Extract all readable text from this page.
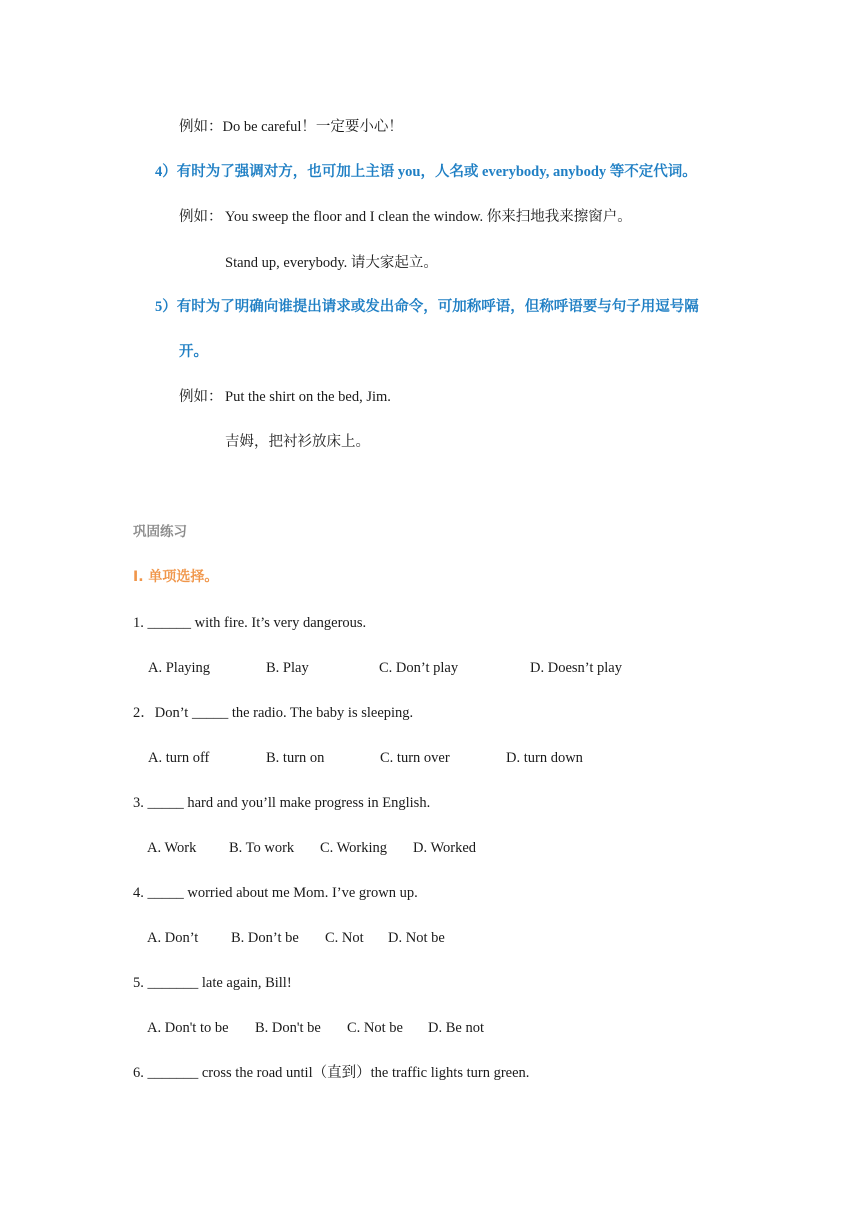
例如：Do be careful！一定要小心！
4）有时为了强调对方，也可加上主语 you，人名或 everybody, anybody 等不定代词。
例如： You sweep the floor and I clean the window. 你来扫地我来擦窗户。
Stand up, everybody. 请大家起立。
5）有时为了明确向谁提出请求或发出命令，可加称呼语，但称呼语要与句子用逗号隔
开。
例如： Put the shirt on the bed, Jim.
吉姆，把衬衫放床上。
巩固练习
Ⅰ. 单项选择。
1. ______ with fire. It’s very dangerous.
A. Playing	B. Play	C. Don’t play	D. Doesn’t play
2．Don’t _____ the radio. The baby is sleeping.
A. turn off	B. turn on	C. turn over	D. turn down
3. _____ hard and you’ll make progress in English.
A. Work B. To work C. Working D. Worked
4. _____ worried about me Mom. I’ve grown up.
A. Don’t B. Don’t be C. Not D. Not be
5. _______ late again, Bill!
A. Don't to be B. Don't be C. Not be D. Be not
6. _______ cross the road until（直到）the traffic lights turn green.
